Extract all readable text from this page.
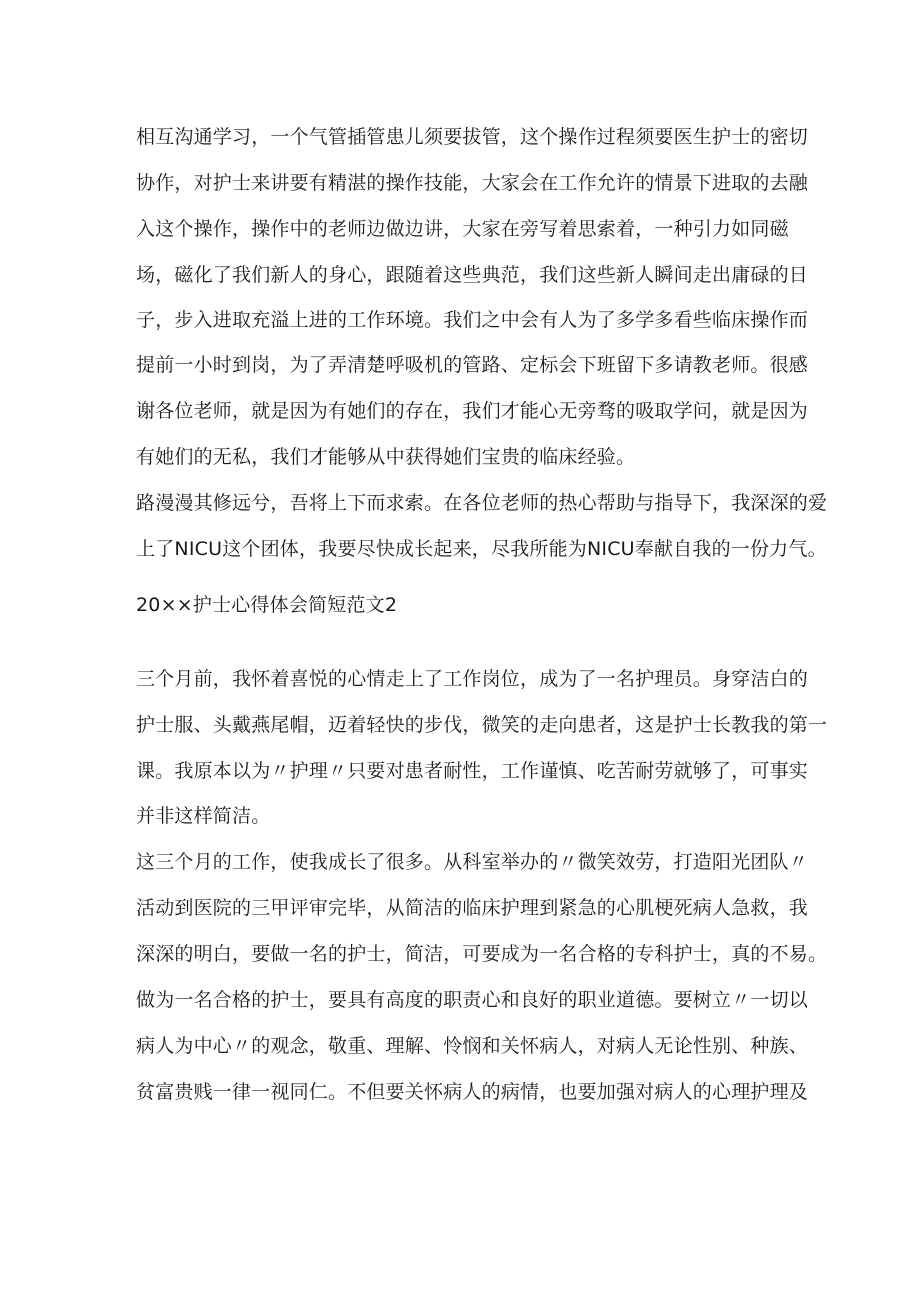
相互沟通学习，一个气管插管患儿须要拔管，这个操作过程须要医生护士的密切
协作，对护士来讲要有精湛的操作技能，大家会在工作允许的情景下进取的去融
入这个操作，操作中的老师边做边讲，大家在旁写着思索着，一种引力如同磁
场，磁化了我们新人的身心，跟随着这些典范，我们这些新人瞬间走出庸碌的日
子，步入进取充溢上进的工作环境。我们之中会有人为了多学多看些临床操作而
提前一小时到岗，为了弄清楚呼吸机的管路、定标会下班留下多请教老师。很感
谢各位老师，就是因为有她们的存在，我们才能心无旁骛的吸取学问，就是因为
有她们的无私，我们才能够从中获得她们宝贵的临床经验。
路漫漫其修远兮，吾将上下而求索。在各位老师的热心帮助与指导下，我深深的爱
上了NICU这个团体，我要尽快成长起来，尽我所能为NICU奉献自我的一份力气。
20××护士心得体会简短范文2
三个月前，我怀着喜悦的心情走上了工作岗位，成为了一名护理员。身穿洁白的
护士服、头戴燕尾帽，迈着轻快的步伐，微笑的走向患者，这是护士长教我的第一
课。我原本以为〃护理〃只要对患者耐性，工作谨慎、吃苦耐劳就够了，可事实
并非这样简洁。
这三个月的工作，使我成长了很多。从科室举办的〃微笑效劳，打造阳光团队〃
活动到医院的三甲评审完毕，从简洁的临床护理到紧急的心肌梗死病人急救，我
深深的明白，要做一名的护士，简洁，可要成为一名合格的专科护士，真的不易。
做为一名合格的护士，要具有高度的职责心和良好的职业道德。要树立〃一切以
病人为中心〃的观念，敬重、理解、怜悯和关怀病人，对病人无论性别、种族、
贫富贵贱一律一视同仁。不但要关怀病人的病情，也要加强对病人的心理护理及
